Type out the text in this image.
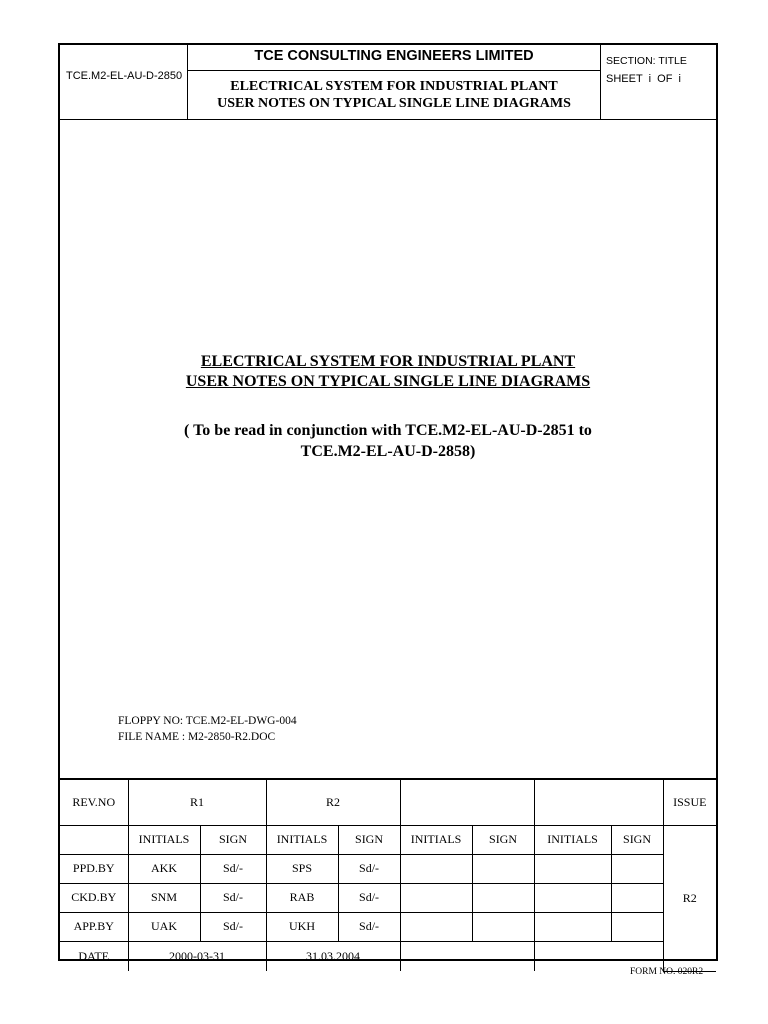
TCE.M2-EL-AU-D-2850
TCE CONSULTING ENGINEERS LIMITED
ELECTRICAL SYSTEM FOR INDUSTRIAL PLANT
USER NOTES ON TYPICAL SINGLE LINE DIAGRAMS
SECTION: TITLE
SHEET  i  OF  i
ELECTRICAL SYSTEM FOR INDUSTRIAL PLANT
USER NOTES ON TYPICAL SINGLE LINE DIAGRAMS
( To be read in conjunction with TCE.M2-EL-AU-D-2851 to
TCE.M2-EL-AU-D-2858)
FLOPPY NO: TCE.M2-EL-DWG-004
FILE NAME : M2-2850-R2.DOC
REV.NO	R1		R2						ISSUE
	INITIALS	SIGN	INITIALS	SIGN	INITIALS	SIGN	INITIALS	SIGN	R2
PPD.BY	AKK	Sd/-	SPS	Sd/-					
CKD.BY	SNM	Sd/-	RAB	Sd/-					
APP.BY	UAK	Sd/-	UKH	Sd/-					
DATE	2000-03-31		31.03.2004						
FORM NO. 020R2
